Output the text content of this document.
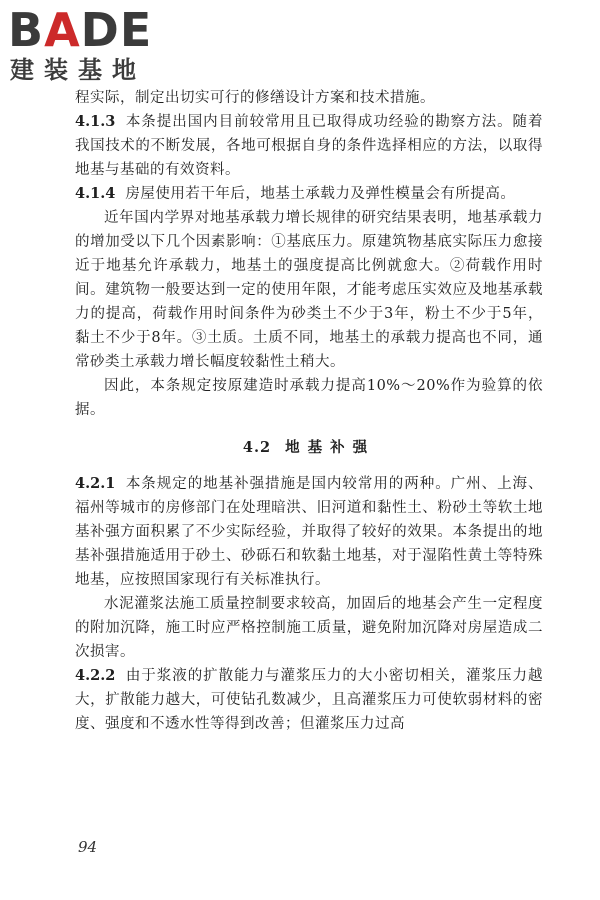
BADE
建装基地

程实际，制定出切实可行的修缮设计方案和技术措施。

4.1.3 本条提出国内目前较常用且已取得成功经验的勘察方法。随着我国技术的不断发展，各地可根据自身的条件选择相应的方法，以取得地基与基础的有效资料。

4.1.4 房屋使用若干年后，地基土承载力及弹性模量会有所提高。

近年国内学界对地基承载力增长规律的研究结果表明，地基承载力的增加受以下几个因素影响：①基底压力。原建筑物基底实际压力愈接近于地基允许承载力，地基土的强度提高比例就愈大。②荷载作用时间。建筑物一般要达到一定的使用年限，才能考虑压实效应及地基承载力的提高，荷载作用时间条件为砂类土不少于3年，粉土不少于5年，黏土不少于8年。③土质。土质不同，地基土的承载力提高也不同，通常砂类土承载力增长幅度较黏性土稍大。

因此，本条规定按原建造时承载力提高10%～20%作为验算的依据。

4.2 地基补强

4.2.1 本条规定的地基补强措施是国内较常用的两种。广州、上海、福州等城市的房修部门在处理暗洪、旧河道和黏性土、粉砂土等软土地基补强方面积累了不少实际经验，并取得了较好的效果。本条提出的地基补强措施适用于砂土、砂砾石和软黏土地基，对于湿陷性黄土等特殊地基，应按照国家现行有关标准执行。

水泥灌浆法施工质量控制要求较高，加固后的地基会产生一定程度的附加沉降，施工时应严格控制施工质量，避免附加沉降对房屋造成二次损害。

4.2.2 由于浆液的扩散能力与灌浆压力的大小密切相关，灌浆压力越大，扩散能力越大，可使钻孔数减少，且高灌浆压力可使软弱材料的密度、强度和不透水性等得到改善；但灌浆压力过高

94
